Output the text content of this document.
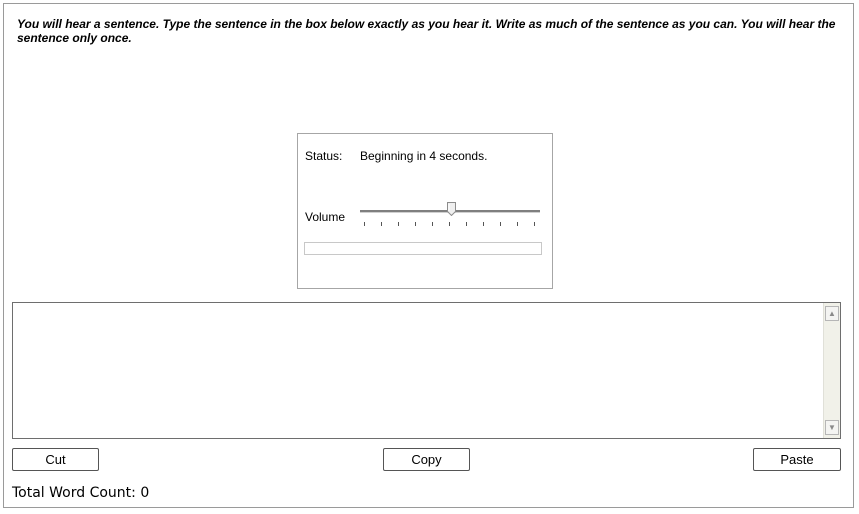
You will hear a sentence. Type the sentence in the box below exactly as you hear it. Write as much of the sentence as you can. You will hear the sentence only once.

Status: Beginning in 4 seconds.
Volume
▲
▼
Cut	Copy	Paste
Total Word Count: 0
